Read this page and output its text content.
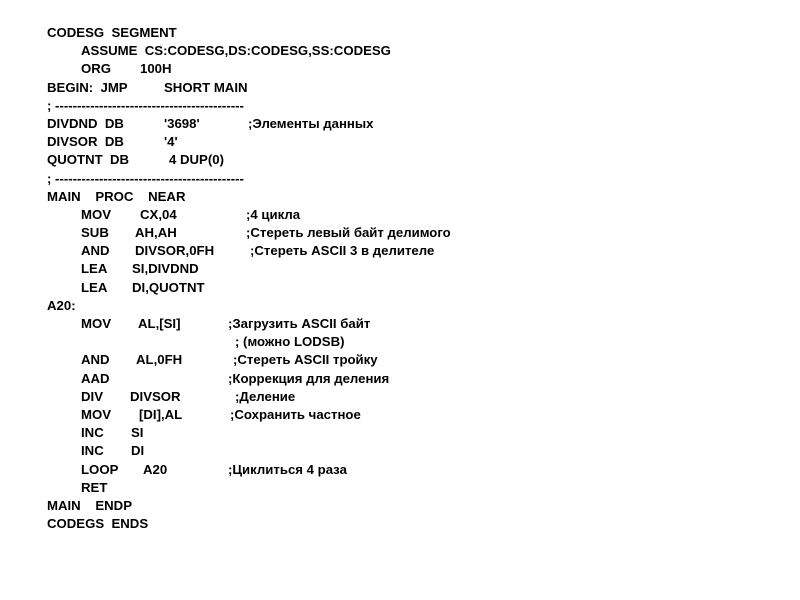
CODESG  SEGMENT
ASSUME  CS:CODESG,DS:CODESG,SS:CODESG
ORG 100H
BEGIN:  JMP	SHORT MAIN
; -------------------------------------------
DIVDND  DB	'3698'	;Элементы данных
DIVSOR  DB	'4'
QUOTNT  DB	4 DUP(0)
; -------------------------------------------
MAIN    PROC    NEAR
MOV CX,04	;4 цикла
SUB AH,AH	;Стереть левый байт делимого
AND DIVSOR,0FH	;Стереть ASCII 3 в делителе
LEA SI,DIVDND
LEA DI,QUOTNT
A20:
MOV AL,[SI]	;Загрузить ASCII байт
; (можно LODSB)
AND AL,0FH	;Стереть ASCII тройку
AAD	;Коррекция для деления
DIV DIVSOR	;Деление
MOV [DI],AL	;Сохранить частное
INC SI
INC DI
LOOP A20	;Циклиться 4 раза
RET
MAIN    ENDP
CODEGS  ENDS
